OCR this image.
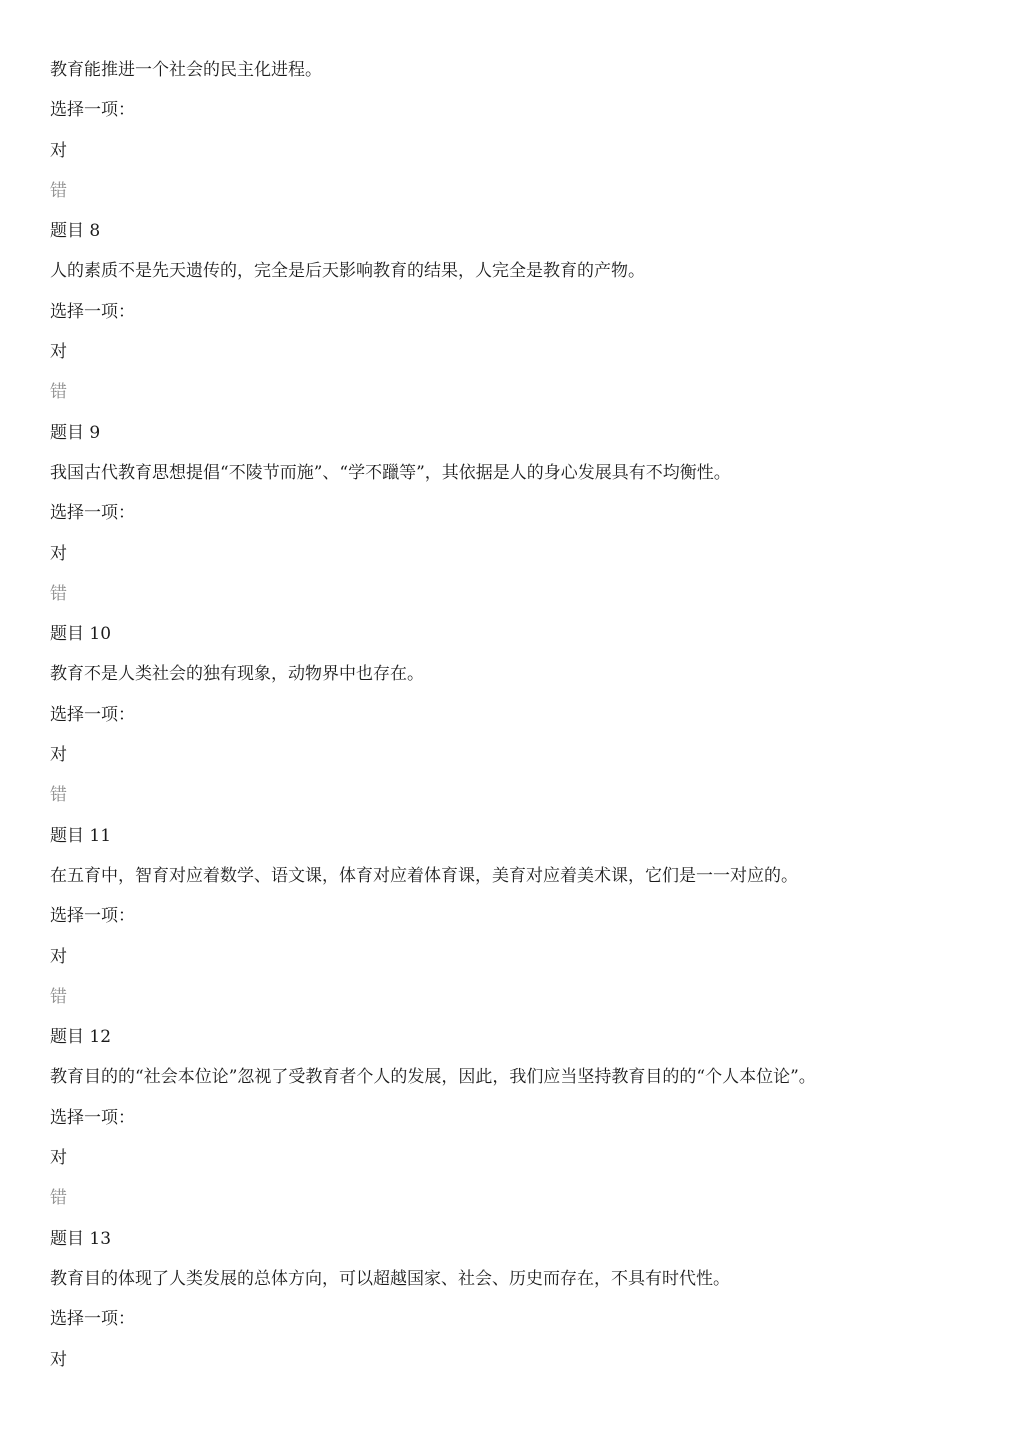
教育能推进一个社会的民主化进程。
选择一项：
对
错
题目 8
人的素质不是先天遗传的，完全是后天影响教育的结果，人完全是教育的产物。
选择一项：
对
错
题目 9
我国古代教育思想提倡“不陵节而施”、“学不躐等”，其依据是人的身心发展具有不均衡性。
选择一项：
对
错
题目 10
教育不是人类社会的独有现象，动物界中也存在。
选择一项：
对
错
题目 11
在五育中，智育对应着数学、语文课，体育对应着体育课，美育对应着美术课，它们是一一对应的。
选择一项：
对
错
题目 12
教育目的的“社会本位论”忽视了受教育者个人的发展，因此，我们应当坚持教育目的的“个人本位论”。
选择一项：
对
错
题目 13
教育目的体现了人类发展的总体方向，可以超越国家、社会、历史而存在，不具有时代性。
选择一项：
对
